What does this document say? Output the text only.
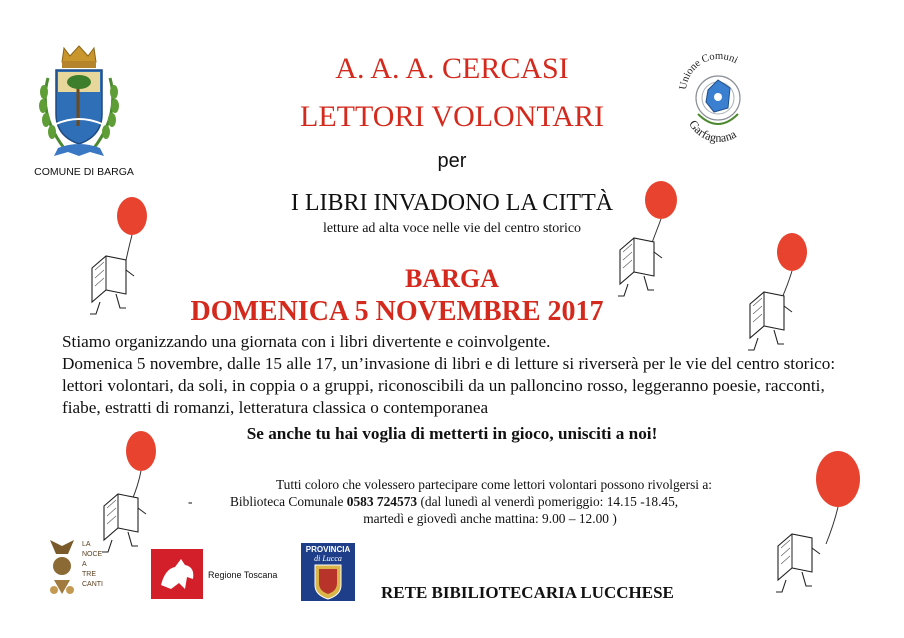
COMUNE DI BARGA
Unione Comuni
Garfagnana
A. A. A. CERCASI
LETTORI VOLONTARI
per
I LIBRI INVADONO LA CITTÀ
letture ad alta voce nelle vie del centro storico
BARGA
DOMENICA 5 NOVEMBRE 2017

Stiamo organizzando una giornata con i libri divertente e coinvolgente.

Domenica 5 novembre, dalle 15 alle 17, un’invasione di libri e di letture si riverserà per le vie del centro storico: lettori volontari, da soli, in coppia o a gruppi, riconoscibili da un palloncino rosso, leggeranno poesie, racconti, fiabe, estratti di romanzi, letteratura classica o contemporanea

Se anche tu hai voglia di metterti in gioco, unisciti a noi!
Tutti coloro che volessero partecipare come lettori volontari possono rivolgersi a:
-	Biblioteca Comunale 0583 724573 (dal lunedì al venerdì pomeriggio: 14.15 -18.45,
martedì e giovedì anche mattina: 9.00 – 12.00 )
LA
NOCE
A
TRE
CANTI
Regione Toscana
PROVINCIA
di Lucca
RETE BIBILIOTECARIA LUCCHESE
